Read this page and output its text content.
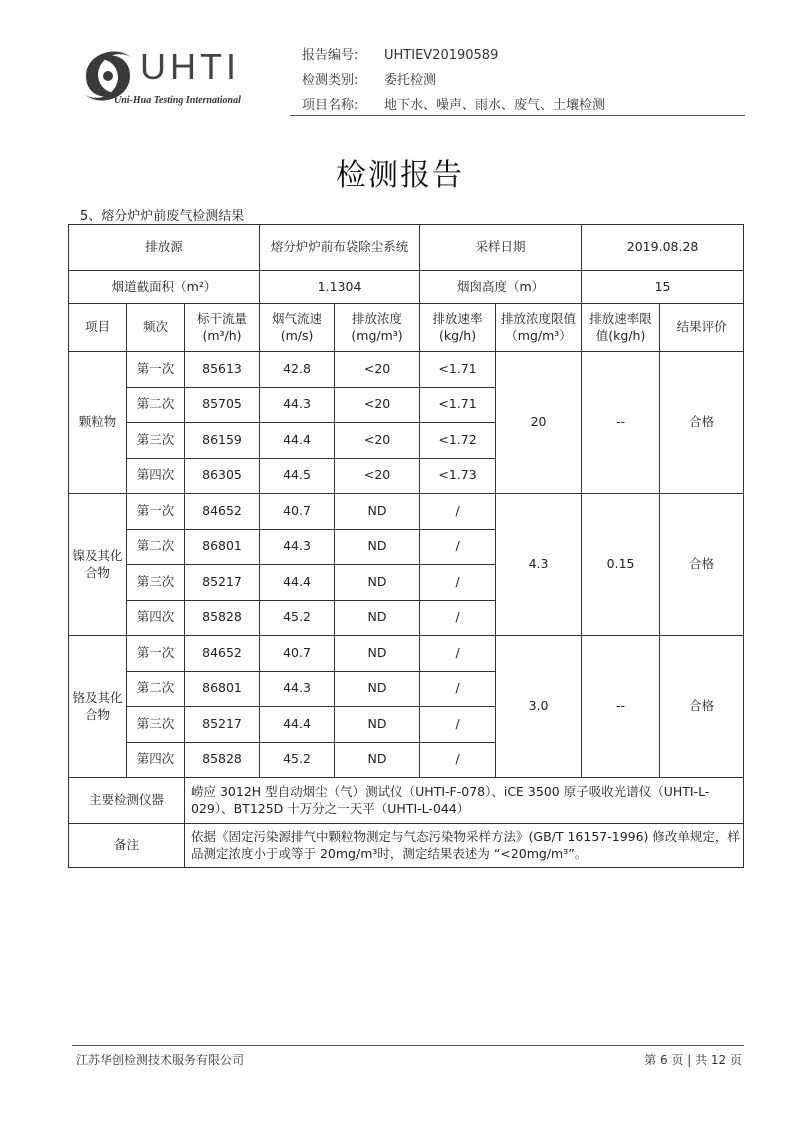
UHTI
Uni-Hua Testing International
报告编号: UHTIEV20190589
检测类别: 委托检测
项目名称: 地下水、噪声、雨水、废气、土壤检测
检测报告
5、熔分炉炉前废气检测结果
排放源			熔分炉炉前布袋除尘系统		采样日期		2019.08.28	
烟道截面积（m²）			1.1304		烟囱高度（m）		15	
项目	频次	标干流量 (m³/h)	烟气流速 (m/s)	排放浓度 (mg/m³)	排放速率 (kg/h)	排放浓度限值（mg/m³）	排放速率限值(kg/h)	结果评价
颗粒物	第一次	85613	42.8	<20	<1.71	20	--	合格
	第二次	85705	44.3	<20	<1.71			
	第三次	86159	44.4	<20	<1.72			
	第四次	86305	44.5	<20	<1.73			
镍及其化合物	第一次	84652	40.7	ND	/	4.3	0.15	合格
	第二次	86801	44.3	ND	/			
	第三次	85217	44.4	ND	/			
	第四次	85828	45.2	ND	/			
铬及其化合物	第一次	84652	40.7	ND	/	3.0	--	合格
	第二次	86801	44.3	ND	/			
	第三次	85217	44.4	ND	/			
	第四次	85828	45.2	ND	/			
主要检测仪器		崂应 3012H 型自动烟尘（气）测试仪（UHTI-F-078）、iCE 3500 原子吸收光谱仪（UHTI-L-029）、BT125D 十万分之一天平（UHTI-L-044）						
备注		依据《固定污染源排气中颗粒物测定与气态污染物采样方法》(GB/T 16157-1996) 修改单规定，样品测定浓度小于或等于 20mg/m³时，测定结果表述为 “<20mg/m³”。						
江苏华创检测技术服务有限公司	第 6 页 | 共 12 页
